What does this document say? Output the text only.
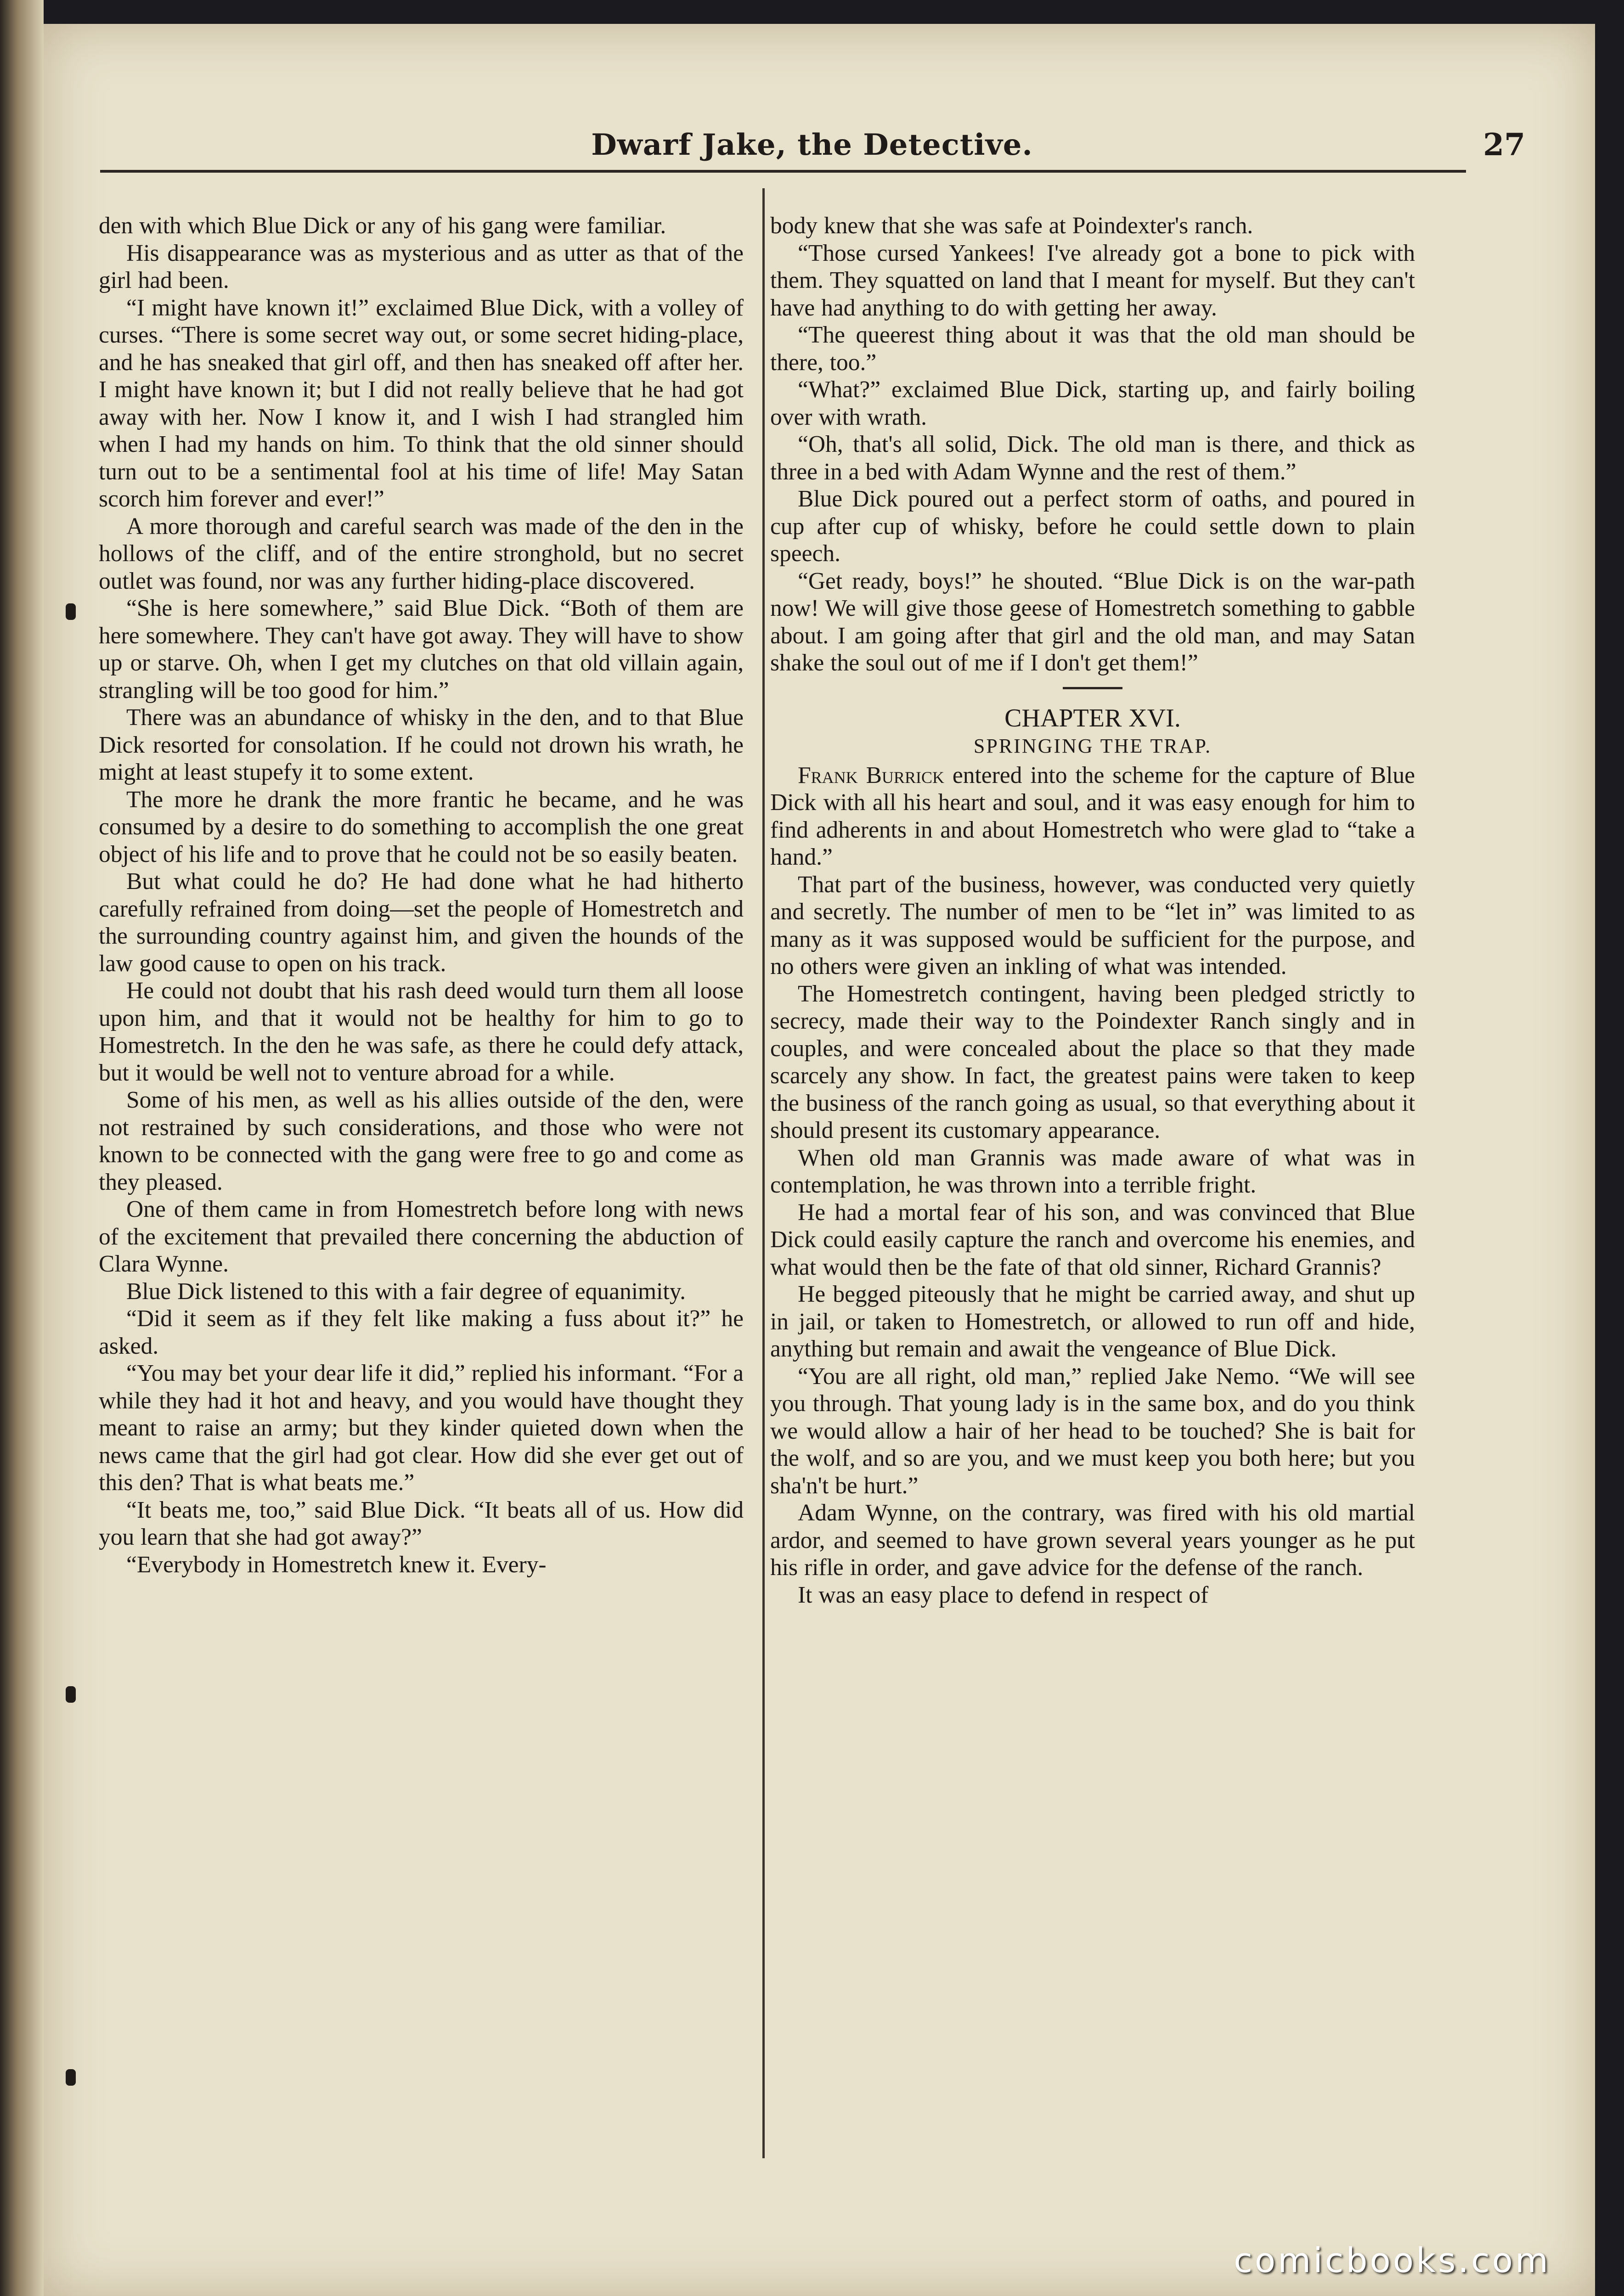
Dwarf Jake, the Detective.	27

den with which Blue Dick or any of his gang were familiar.

His disappearance was as mysterious and as utter as that of the girl had been.

“I might have known it!” exclaimed Blue Dick, with a volley of curses. “There is some secret way out, or some secret hiding-place, and he has sneaked that girl off, and then has sneaked off after her. I might have known it; but I did not really believe that he had got away with her. Now I know it, and I wish I had strangled him when I had my hands on him. To think that the old sinner should turn out to be a sentimental fool at his time of life! May Satan scorch him forever and ever!”

A more thorough and careful search was made of the den in the hollows of the cliff, and of the entire stronghold, but no secret outlet was found, nor was any further hiding-place discovered.

“She is here somewhere,” said Blue Dick. “Both of them are here somewhere. They can't have got away. They will have to show up or starve. Oh, when I get my clutches on that old villain again, strangling will be too good for him.”

There was an abundance of whisky in the den, and to that Blue Dick resorted for consolation. If he could not drown his wrath, he might at least stupefy it to some extent.

The more he drank the more frantic he became, and he was consumed by a desire to do something to accomplish the one great object of his life and to prove that he could not be so easily beaten.

But what could he do? He had done what he had hitherto carefully refrained from doing—set the people of Homestretch and the surrounding country against him, and given the hounds of the law good cause to open on his track.

He could not doubt that his rash deed would turn them all loose upon him, and that it would not be healthy for him to go to Homestretch. In the den he was safe, as there he could defy attack, but it would be well not to venture abroad for a while.

Some of his men, as well as his allies outside of the den, were not restrained by such considerations, and those who were not known to be connected with the gang were free to go and come as they pleased.

One of them came in from Homestretch before long with news of the excitement that prevailed there concerning the abduction of Clara Wynne.

Blue Dick listened to this with a fair degree of equanimity.

“Did it seem as if they felt like making a fuss about it?” he asked.

“You may bet your dear life it did,” replied his informant. “For a while they had it hot and heavy, and you would have thought they meant to raise an army; but they kinder quieted down when the news came that the girl had got clear. How did she ever get out of this den? That is what beats me.”

“It beats me, too,” said Blue Dick. “It beats all of us. How did you learn that she had got away?”

“Everybody in Homestretch knew it. Every-

body knew that she was safe at Poindexter's ranch.

“Those cursed Yankees! I've already got a bone to pick with them. They squatted on land that I meant for myself. But they can't have had anything to do with getting her away.

“The queerest thing about it was that the old man should be there, too.”

“What?” exclaimed Blue Dick, starting up, and fairly boiling over with wrath.

“Oh, that's all solid, Dick. The old man is there, and thick as three in a bed with Adam Wynne and the rest of them.”

Blue Dick poured out a perfect storm of oaths, and poured in cup after cup of whisky, before he could settle down to plain speech.

“Get ready, boys!” he shouted. “Blue Dick is on the war-path now! We will give those geese of Homestretch something to gabble about. I am going after that girl and the old man, and may Satan shake the soul out of me if I don't get them!”

CHAPTER XVI.
SPRINGING THE TRAP.

Frank Burrick entered into the scheme for the capture of Blue Dick with all his heart and soul, and it was easy enough for him to find adherents in and about Homestretch who were glad to “take a hand.”

That part of the business, however, was conducted very quietly and secretly. The number of men to be “let in” was limited to as many as it was supposed would be sufficient for the purpose, and no others were given an inkling of what was intended.

The Homestretch contingent, having been pledged strictly to secrecy, made their way to the Poindexter Ranch singly and in couples, and were concealed about the place so that they made scarcely any show. In fact, the greatest pains were taken to keep the business of the ranch going as usual, so that everything about it should present its customary appearance.

When old man Grannis was made aware of what was in contemplation, he was thrown into a terrible fright.

He had a mortal fear of his son, and was convinced that Blue Dick could easily capture the ranch and overcome his enemies, and what would then be the fate of that old sinner, Richard Grannis?

He begged piteously that he might be carried away, and shut up in jail, or taken to Homestretch, or allowed to run off and hide, anything but remain and await the vengeance of Blue Dick.

“You are all right, old man,” replied Jake Nemo. “We will see you through. That young lady is in the same box, and do you think we would allow a hair of her head to be touched? She is bait for the wolf, and so are you, and we must keep you both here; but you sha'n't be hurt.”

Adam Wynne, on the contrary, was fired with his old martial ardor, and seemed to have grown several years younger as he put his rifle in order, and gave advice for the defense of the ranch.

It was an easy place to defend in respect of

comicbooks.com
